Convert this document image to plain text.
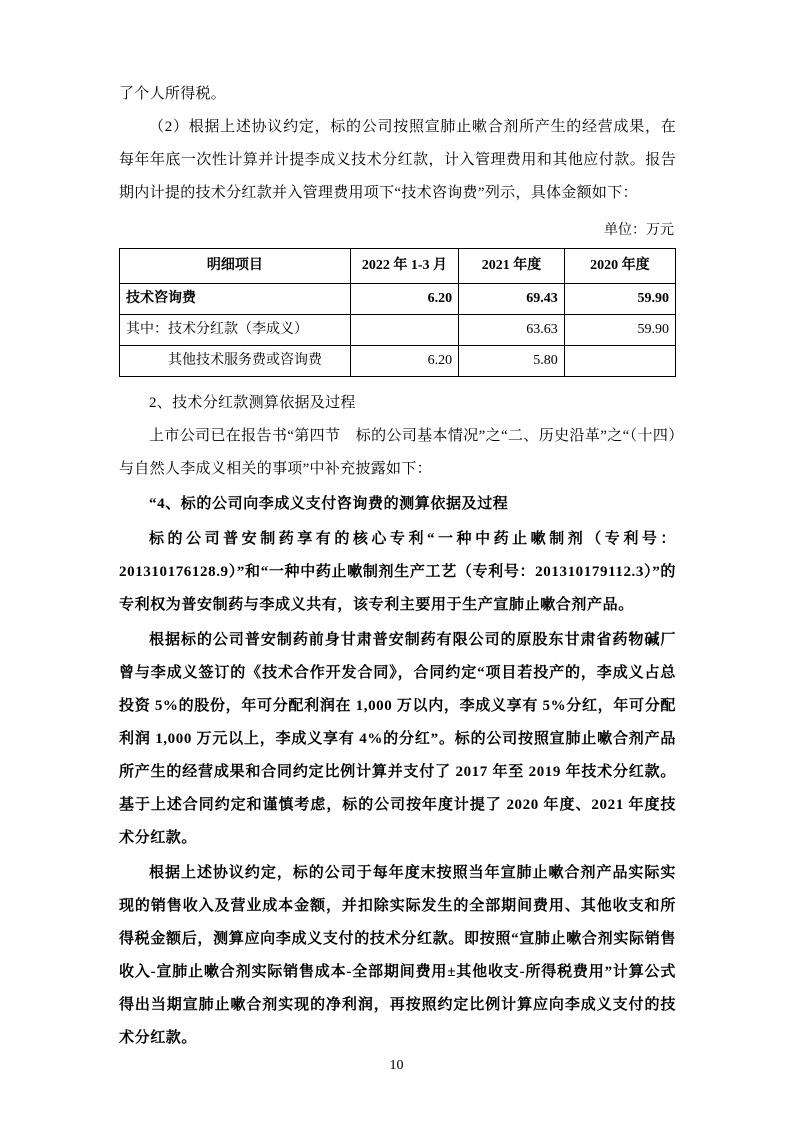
了个人所得税。

（2）根据上述协议约定，标的公司按照宣肺止嗽合剂所产生的经营成果，在每年年底一次性计算并计提李成义技术分红款，计入管理费用和其他应付款。报告期内计提的技术分红款并入管理费用项下“技术咨询费”列示，具体金额如下：

单位：万元
明细项目	2022 年 1-3 月	2021 年度	2020 年度
技术咨询费	6.20	69.43	59.90
其中：技术分红款（李成义）		63.63	59.90
其他技术服务费或咨询费	6.20	5.80	

2、技术分红款测算依据及过程

上市公司已在报告书“第四节　标的公司基本情况”之“二、历史沿革”之“（十四）与自然人李成义相关的事项”中补充披露如下：

“4、标的公司向李成义支付咨询费的测算依据及过程

标的公司普安制药享有的核心专利“一种中药止嗽制剂（专利号：201310176128.9）”和“一种中药止嗽制剂生产工艺（专利号：201310179112.3）”的专利权为普安制药与李成义共有，该专利主要用于生产宣肺止嗽合剂产品。

根据标的公司普安制药前身甘肃普安制药有限公司的原股东甘肃省药物碱厂曾与李成义签订的《技术合作开发合同》，合同约定“项目若投产的，李成义占总投资 5%的股份，年可分配利润在 1,000 万以内，李成义享有 5%分红，年可分配利润 1,000 万元以上，李成义享有 4%的分红”。标的公司按照宣肺止嗽合剂产品所产生的经营成果和合同约定比例计算并支付了 2017 年至 2019 年技术分红款。基于上述合同约定和谨慎考虑，标的公司按年度计提了 2020 年度、2021 年度技术分红款。

根据上述协议约定，标的公司于每年度末按照当年宣肺止嗽合剂产品实际实现的销售收入及营业成本金额，并扣除实际发生的全部期间费用、其他收支和所得税金额后，测算应向李成义支付的技术分红款。即按照“宣肺止嗽合剂实际销售收入-宣肺止嗽合剂实际销售成本-全部期间费用±其他收支-所得税费用”计算公式得出当期宣肺止嗽合剂实现的净利润，再按照约定比例计算应向李成义支付的技术分红款。

10
